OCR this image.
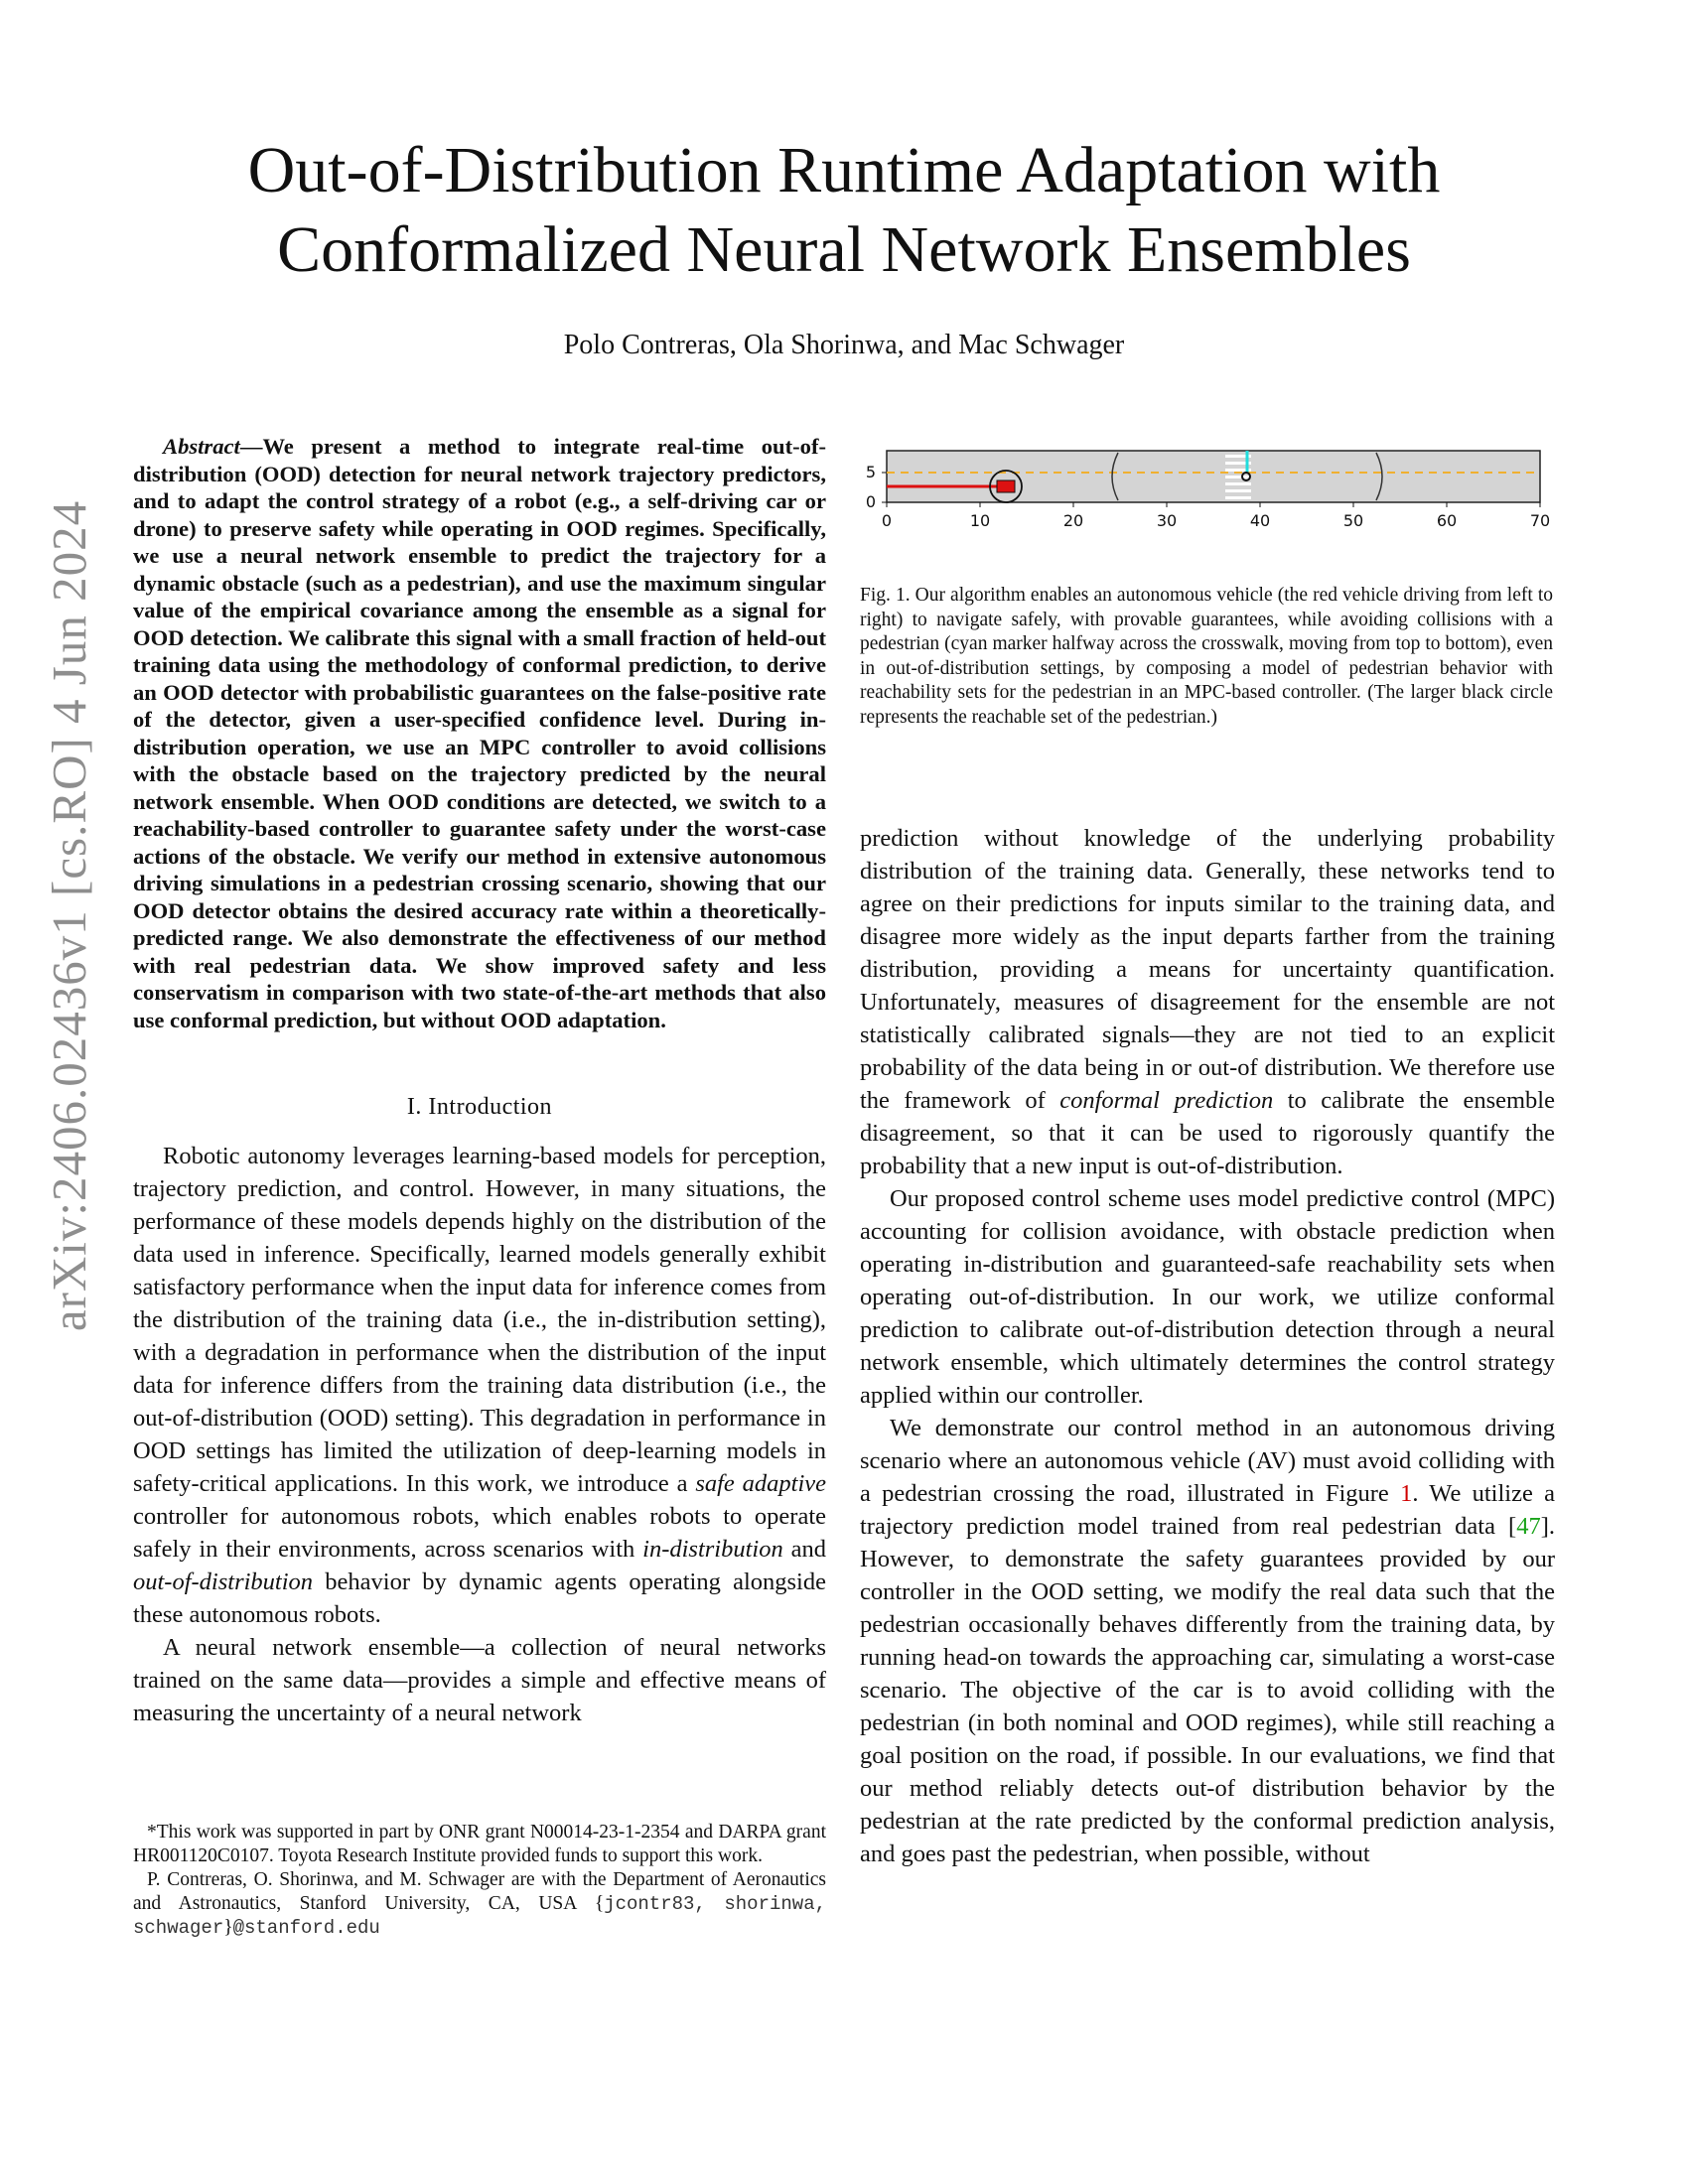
arXiv:2406.02436v1 [cs.RO] 4 Jun 2024
Out-of-Distribution Runtime Adaptation with Conformalized Neural Network Ensembles
Polo Contreras, Ola Shorinwa, and Mac Schwager

Abstract—We present a method to integrate real-time out-of-distribution (OOD) detection for neural network trajectory predictors, and to adapt the control strategy of a robot (e.g., a self-driving car or drone) to preserve safety while operating in OOD regimes. Specifically, we use a neural network ensemble to predict the trajectory for a dynamic obstacle (such as a pedestrian), and use the maximum singular value of the empirical covariance among the ensemble as a signal for OOD detection. We calibrate this signal with a small fraction of held-out training data using the methodology of conformal prediction, to derive an OOD detector with probabilistic guarantees on the false-positive rate of the detector, given a user-specified confidence level. During in-distribution operation, we use an MPC controller to avoid collisions with the obstacle based on the trajectory predicted by the neural network ensemble. When OOD conditions are detected, we switch to a reachability-based controller to guarantee safety under the worst-case actions of the obstacle. We verify our method in extensive autonomous driving simulations in a pedestrian crossing scenario, showing that our OOD detector obtains the desired accuracy rate within a theoretically-predicted range. We also demonstrate the effectiveness of our method with real pedestrian data. We show improved safety and less conservatism in comparison with two state-of-the-art methods that also use conformal prediction, but without OOD adaptation.

I. Introduction

Robotic autonomy leverages learning-based models for perception, trajectory prediction, and control. However, in many situations, the performance of these models depends highly on the distribution of the data used in inference. Specifically, learned models generally exhibit satisfactory performance when the input data for inference comes from the distribution of the training data (i.e., the in-distribution setting), with a degradation in performance when the distribution of the input data for inference differs from the training data distribution (i.e., the out-of-distribution (OOD) setting). This degradation in performance in OOD settings has limited the utilization of deep-learning models in safety-critical applications. In this work, we introduce a safe adaptive controller for autonomous robots, which enables robots to operate safely in their environments, across scenarios with in-distribution and out-of-distribution behavior by dynamic agents operating alongside these autonomous robots.

A neural network ensemble—a collection of neural networks trained on the same data—provides a simple and effective means of measuring the uncertainty of a neural network

*This work was supported in part by ONR grant N00014-23-1-2354 and DARPA grant HR001120C0107. Toyota Research Institute provided funds to support this work.

P. Contreras, O. Shorinwa, and M. Schwager are with the Department of Aeronautics and Astronautics, Stanford University, CA, USA {jcontr83, shorinwa, schwager}@stanford.edu

0
5
0	10	20	30	40	50	60	70

Fig. 1. Our algorithm enables an autonomous vehicle (the red vehicle driving from left to right) to navigate safely, with provable guarantees, while avoiding collisions with a pedestrian (cyan marker halfway across the crosswalk, moving from top to bottom), even in out-of-distribution settings, by composing a model of pedestrian behavior with reachability sets for the pedestrian in an MPC-based controller. (The larger black circle represents the reachable set of the pedestrian.)

prediction without knowledge of the underlying probability distribution of the training data. Generally, these networks tend to agree on their predictions for inputs similar to the training data, and disagree more widely as the input departs farther from the training distribution, providing a means for uncertainty quantification. Unfortunately, measures of disagreement for the ensemble are not statistically calibrated signals—they are not tied to an explicit probability of the data being in or out-of distribution. We therefore use the framework of conformal prediction to calibrate the ensemble disagreement, so that it can be used to rigorously quantify the probability that a new input is out-of-distribution.

Our proposed control scheme uses model predictive control (MPC) accounting for collision avoidance, with obstacle prediction when operating in-distribution and guaranteed-safe reachability sets when operating out-of-distribution. In our work, we utilize conformal prediction to calibrate out-of-distribution detection through a neural network ensemble, which ultimately determines the control strategy applied within our controller.

We demonstrate our control method in an autonomous driving scenario where an autonomous vehicle (AV) must avoid colliding with a pedestrian crossing the road, illustrated in Figure 1. We utilize a trajectory prediction model trained from real pedestrian data [47]. However, to demonstrate the safety guarantees provided by our controller in the OOD setting, we modify the real data such that the pedestrian occasionally behaves differently from the training data, by running head-on towards the approaching car, simulating a worst-case scenario. The objective of the car is to avoid colliding with the pedestrian (in both nominal and OOD regimes), while still reaching a goal position on the road, if possible. In our evaluations, we find that our method reliably detects out-of distribution behavior by the pedestrian at the rate predicted by the conformal prediction analysis, and goes past the pedestrian, when possible, without
